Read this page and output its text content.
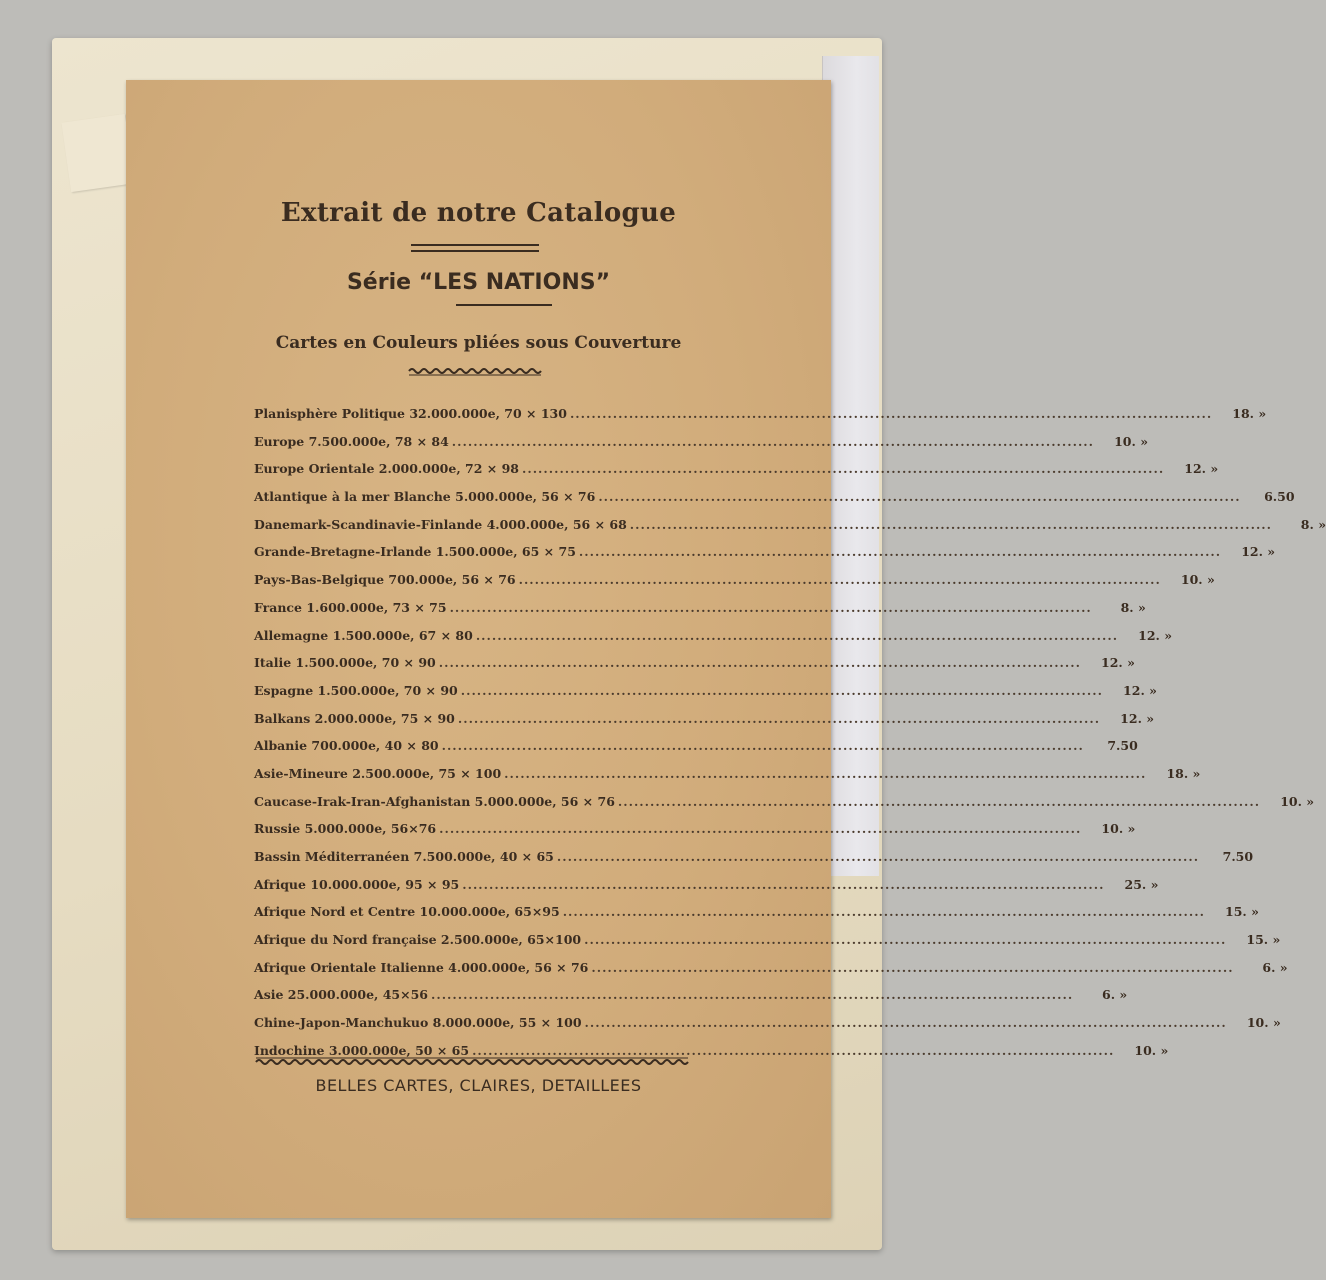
Extrait de notre Catalogue
Série “LES NATIONS”
Cartes en Couleurs pliées sous Couverture
Planisphère Politique 32.000.000e, 70 × 130 ........................................................................................................................	18. »
Europe 7.500.000e, 78 × 84 ........................................................................................................................	10. »
Europe Orientale 2.000.000e, 72 × 98 ........................................................................................................................	12. »
Atlantique à la mer Blanche 5.000.000e, 56 × 76 ........................................................................................................................	6.50
Danemark-Scandinavie-Finlande 4.000.000e, 56 × 68 ........................................................................................................................	8. »
Grande-Bretagne-Irlande 1.500.000e, 65 × 75 ........................................................................................................................	12. »
Pays-Bas-Belgique 700.000e, 56 × 76 ........................................................................................................................	10. »
France 1.600.000e, 73 × 75 ........................................................................................................................	8. »
Allemagne 1.500.000e, 67 × 80 ........................................................................................................................	12. »
Italie 1.500.000e, 70 × 90 ........................................................................................................................	12. »
Espagne 1.500.000e, 70 × 90 ........................................................................................................................	12. »
Balkans 2.000.000e, 75 × 90 ........................................................................................................................	12. »
Albanie 700.000e, 40 × 80 ........................................................................................................................	7.50
Asie-Mineure 2.500.000e, 75 × 100 ........................................................................................................................	18. »
Caucase-Irak-Iran-Afghanistan 5.000.000e, 56 × 76 ........................................................................................................................	10. »
Russie 5.000.000e, 56×76 ........................................................................................................................	10. »
Bassin Méditerranéen 7.500.000e, 40 × 65 ........................................................................................................................	7.50
Afrique 10.000.000e, 95 × 95 ........................................................................................................................	25. »
Afrique Nord et Centre 10.000.000e, 65×95 ........................................................................................................................	15. »
Afrique du Nord française 2.500.000e, 65×100 ........................................................................................................................	15. »
Afrique Orientale Italienne 4.000.000e, 56 × 76 ........................................................................................................................	6. »
Asie 25.000.000e, 45×56 ........................................................................................................................	6. »
Chine-Japon-Manchukuo 8.000.000e, 55 × 100 ........................................................................................................................	10. »
Indochine 3.000.000e, 50 × 65 ........................................................................................................................	10. »

BELLES CARTES, CLAIRES, DETAILLEES
